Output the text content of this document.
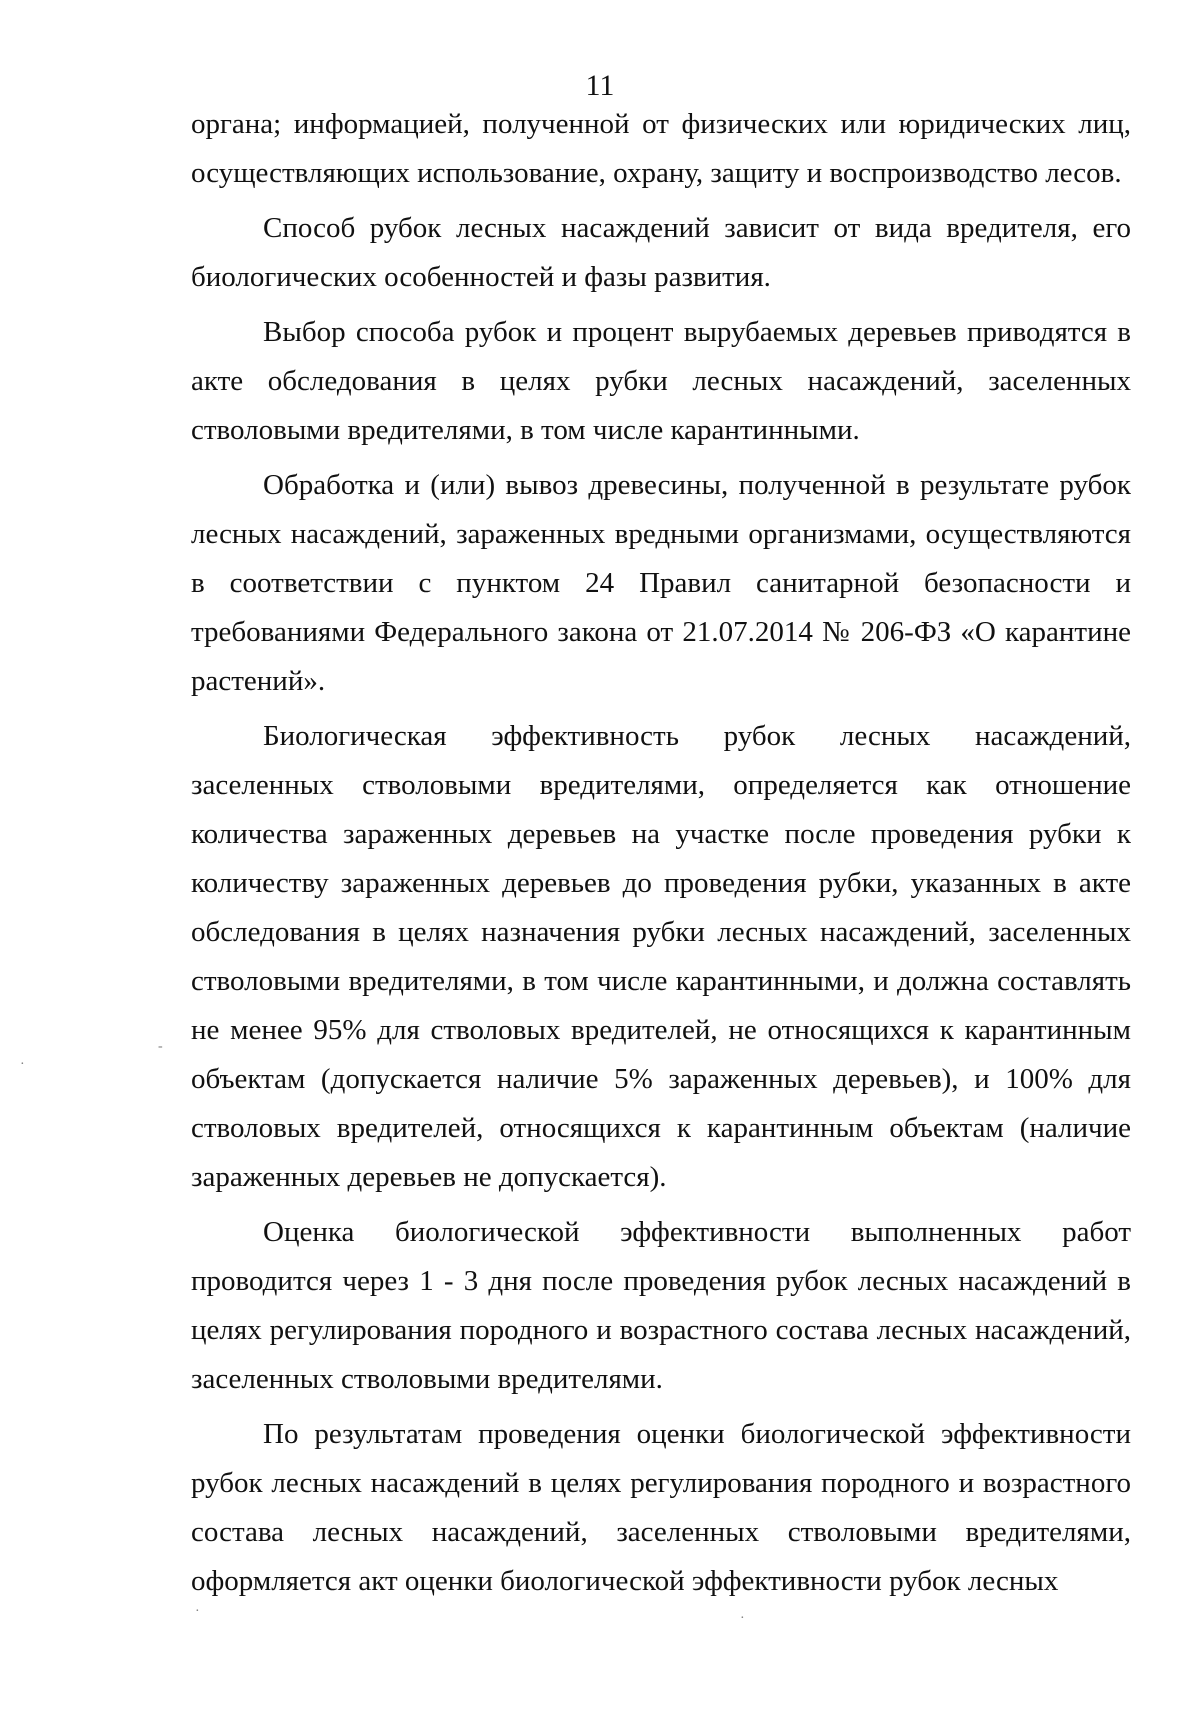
11

органа; информацией, полученной от физических или юридических лиц, осуществляющих использование, охрану, защиту и воспроизводство лесов.

Способ рубок лесных насаждений зависит от вида вредителя, его биологических особенностей и фазы развития.

Выбор способа рубок и процент вырубаемых деревьев приводятся в акте обследования в целях рубки лесных насаждений, заселенных стволовыми вредителями, в том числе карантинными.

Обработка и (или) вывоз древесины, полученной в результате рубок лесных насаждений, зараженных вредными организмами, осуществляются в соответствии с пунктом 24 Правил санитарной безопасности и требованиями Федерального закона от 21.07.2014 № 206-ФЗ «О карантине растений».

Биологическая эффективность рубок лесных насаждений, заселенных стволовыми вредителями, определяется как отношение количества зараженных деревьев на участке после проведения рубки к количеству зараженных деревьев до проведения рубки, указанных в акте обследования в целях назначения рубки лесных насаждений, заселенных стволовыми вредителями, в том числе карантинными, и должна составлять не менее 95% для стволовых вредителей, не относящихся к карантинным объектам (допускается наличие 5% зараженных деревьев), и 100% для стволовых вредителей, относящихся к карантинным объектам (наличие зараженных деревьев не допускается).

Оценка биологической эффективности выполненных работ проводится через 1 - 3 дня после проведения рубок лесных насаждений в целях регулирования породного и возрастного состава лесных насаждений, заселенных стволовыми вредителями.

По результатам проведения оценки биологической эффективности рубок лесных насаждений в целях регулирования породного и возрастного состава лесных насаждений, заселенных стволовыми вредителями, оформляется акт оценки биологической эффективности рубок лесных

·
-
·	·
